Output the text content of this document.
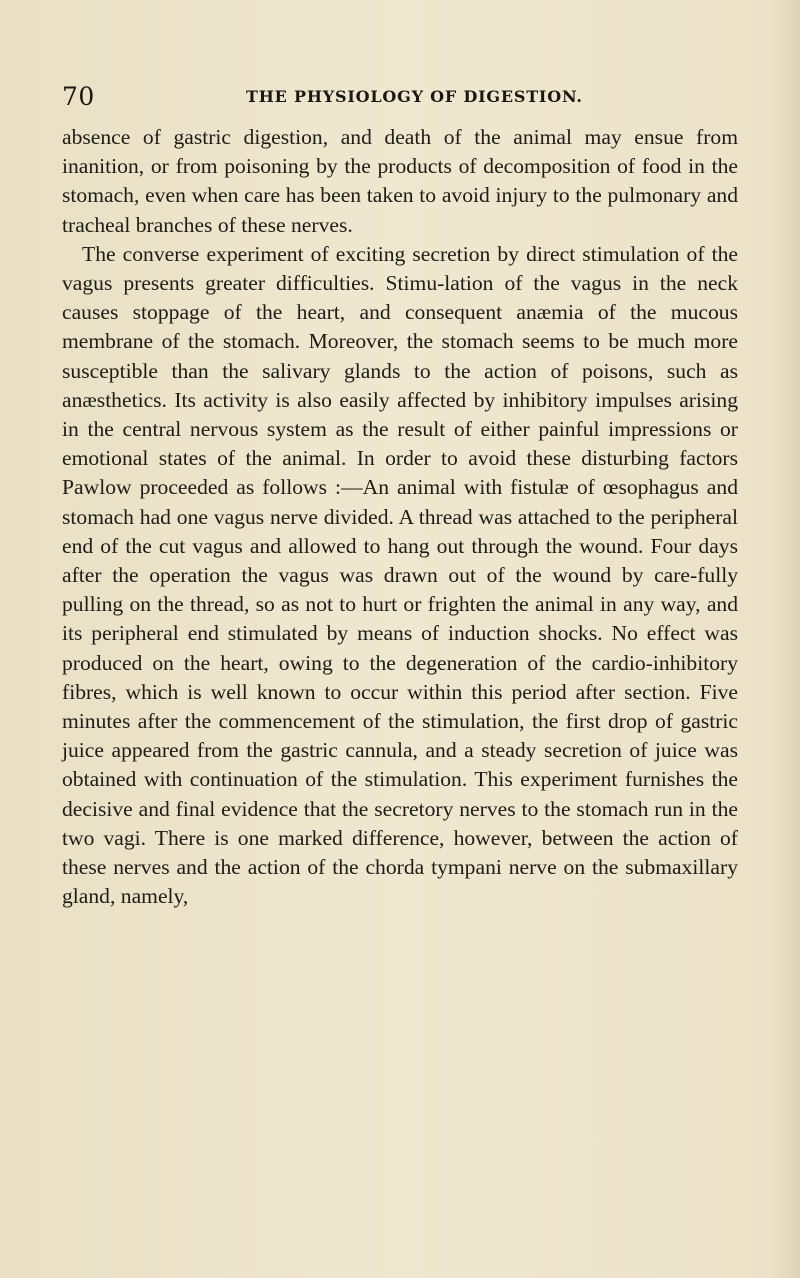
70	THE PHYSIOLOGY OF DIGESTION.

absence of gastric digestion, and death of the animal may ensue from inanition, or from poisoning by the products of decomposition of food in the stomach, even when care has been taken to avoid injury to the pulmonary and tracheal branches of these nerves.

The converse experiment of exciting secretion by direct stimulation of the vagus presents greater difficulties. Stimu-lation of the vagus in the neck causes stoppage of the heart, and consequent anæmia of the mucous membrane of the stomach. Moreover, the stomach seems to be much more susceptible than the salivary glands to the action of poisons, such as anæsthetics. Its activity is also easily affected by inhibitory impulses arising in the central nervous system as the result of either painful impressions or emotional states of the animal. In order to avoid these disturbing factors Pawlow proceeded as follows :—An animal with fistulæ of œsophagus and stomach had one vagus nerve divided. A thread was attached to the peripheral end of the cut vagus and allowed to hang out through the wound. Four days after the operation the vagus was drawn out of the wound by care-fully pulling on the thread, so as not to hurt or frighten the animal in any way, and its peripheral end stimulated by means of induction shocks. No effect was produced on the heart, owing to the degeneration of the cardio-inhibitory fibres, which is well known to occur within this period after section. Five minutes after the commencement of the stimulation, the first drop of gastric juice appeared from the gastric cannula, and a steady secretion of juice was obtained with continuation of the stimulation. This experiment furnishes the decisive and final evidence that the secretory nerves to the stomach run in the two vagi. There is one marked difference, however, between the action of these nerves and the action of the chorda tympani nerve on the submaxillary gland, namely,
